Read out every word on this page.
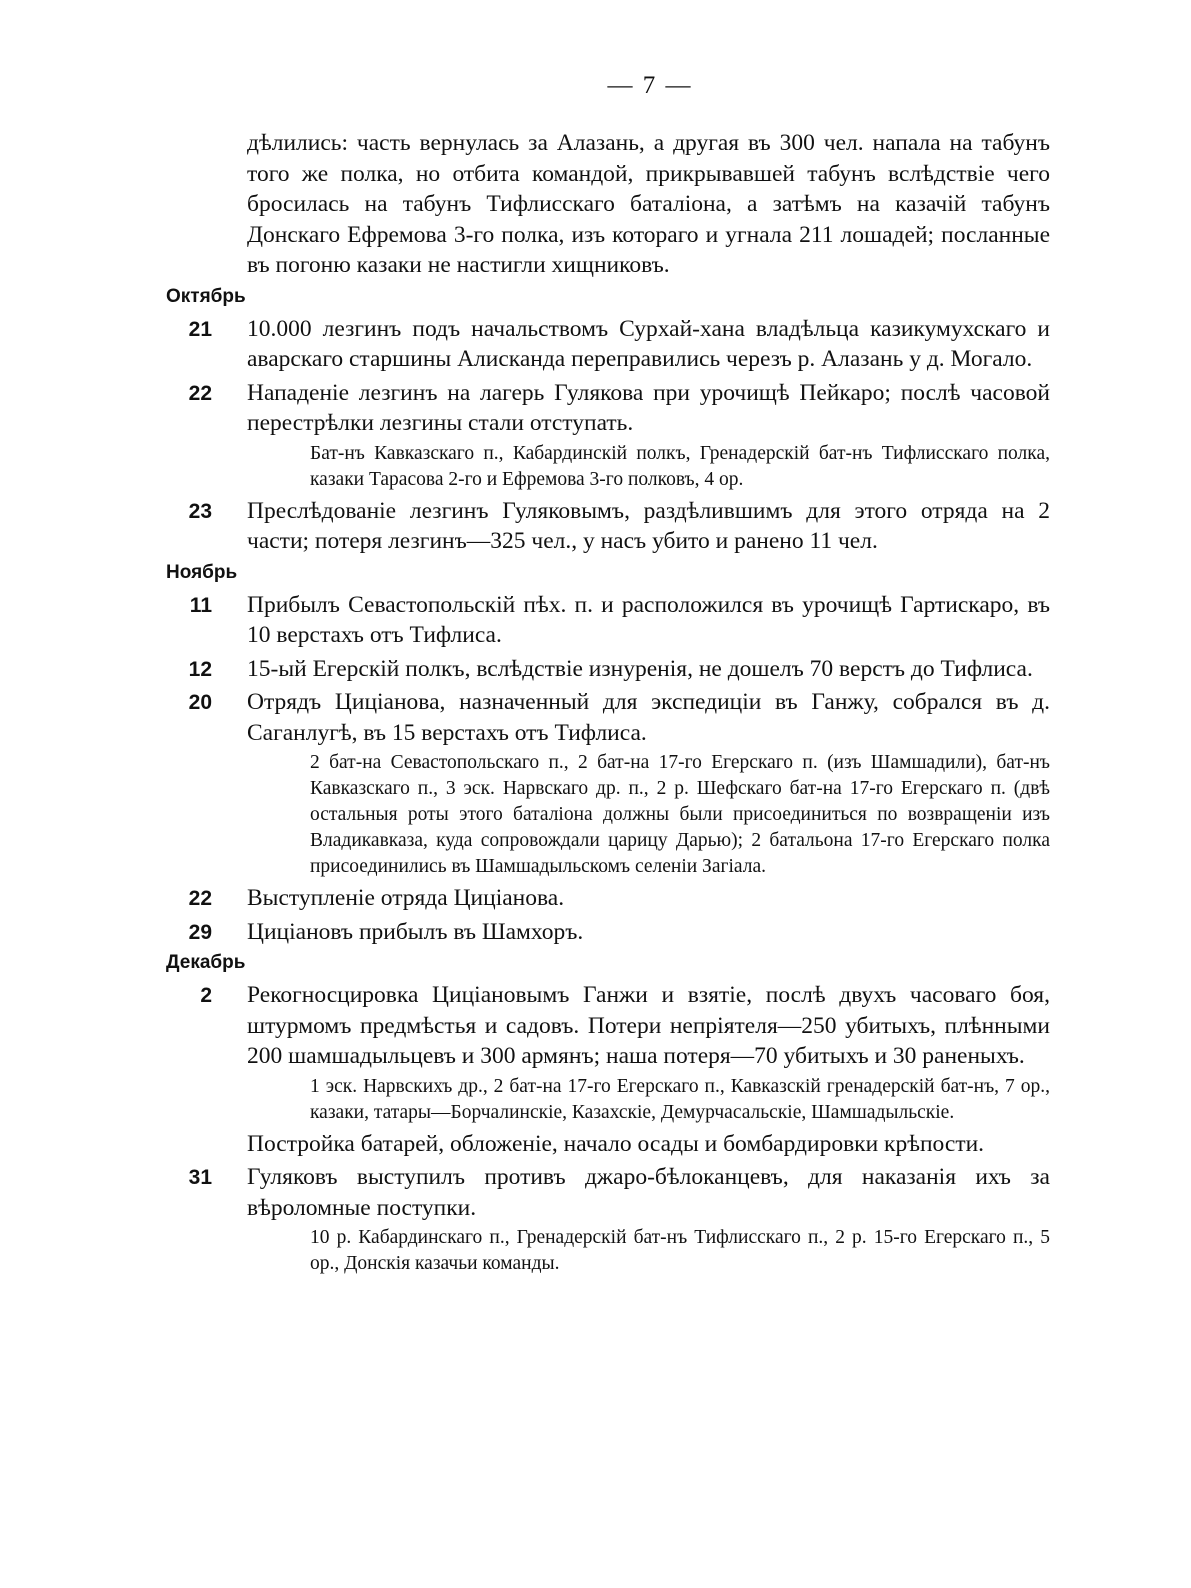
— 7 —
дѣлились: часть вернулась за Алазань, а другая въ 300 чел. напала на табунъ того же полка, но отбита командой, прикрывавшей табунъ вслѣдствіе чего бросилась на табунъ Тифлисскаго баталіона, а затѣмъ на казачій табунъ Донскаго Ефремова 3-го полка, изъ котораго и угнала 211 лошадей; посланные въ погоню казаки не настигли хищниковъ.
Октябрь
21 10.000 лезгинъ подъ начальствомъ Сурхай-хана владѣльца казикумухскаго и аварскаго старшины Алисканда переправились черезъ р. Алазань у д. Могало.
22 Нападеніе лезгинъ на лагерь Гулякова при урочищѣ Пейкаро; послѣ часовой перестрѣлки лезгины стали отступать.
Бат-нъ Кавказскаго п., Кабардинскій полкъ, Гренадерскій бат-нъ Тифлисскаго полка, казаки Тарасова 2-го и Ефремова 3-го полковъ, 4 ор.
23 Преслѣдованіе лезгинъ Гуляковымъ, раздѣлившимъ для этого отряда на 2 части; потеря лезгинъ—325 чел., у насъ убито и ранено 11 чел.
Ноябрь
11 Прибылъ Севастопольскій пѣх. п. и расположился въ урочищѣ Гартискаро, въ 10 верстахъ отъ Тифлиса.
12 15-ый Егерскій полкъ, вслѣдствіе изнуренія, не дошелъ 70 верстъ до Тифлиса.
20 Отрядъ Циціанова, назначенный для экспедиціи въ Ганжу, собрался въ д. Саганлугѣ, въ 15 верстахъ отъ Тифлиса.
2 бат-на Севастопольскаго п., 2 бат-на 17-го Егерскаго п. (изъ Шамшадили), бат-нъ Кавказскаго п., 3 эск. Нарвскаго др. п., 2 р. Шефскаго бат-на 17-го Егерскаго п. (двѣ остальныя роты этого баталіона должны были присоединиться по возвращеніи изъ Владикавказа, куда сопровождали царицу Дарью); 2 батальона 17-го Егерскаго полка присоединились въ Шамшадыльскомъ селеніи Загіала.
22 Выступленіе отряда Циціанова.
29 Циціановъ прибылъ въ Шамхоръ.
Декабрь
2 Рекогносцировка Циціановымъ Ганжи и взятіе, послѣ двухъ часоваго боя, штурмомъ предмѣстья и садовъ. Потери непріятеля—250 убитыхъ, плѣнными 200 шамшадыльцевъ и 300 армянъ; наша потеря—70 убитыхъ и 30 раненыхъ.
1 эск. Нарвскихъ др., 2 бат-на 17-го Егерскаго п., Кавказскій гренадерскій бат-нъ, 7 ор., казаки, татары—Борчалинскіе, Казахскіе, Демурчасальскіе, Шамшадыльскіе.
Постройка батарей, обложеніе, начало осады и бомбардировки крѣпости.
31 Гуляковъ выступилъ противъ джаро-бѣлоканцевъ, для наказанія ихъ за вѣроломные поступки.
10 р. Кабардинскаго п., Гренадерскій бат-нъ Тифлисскаго п., 2 р. 15-го Егерскаго п., 5 ор., Донскія казачьи команды.
